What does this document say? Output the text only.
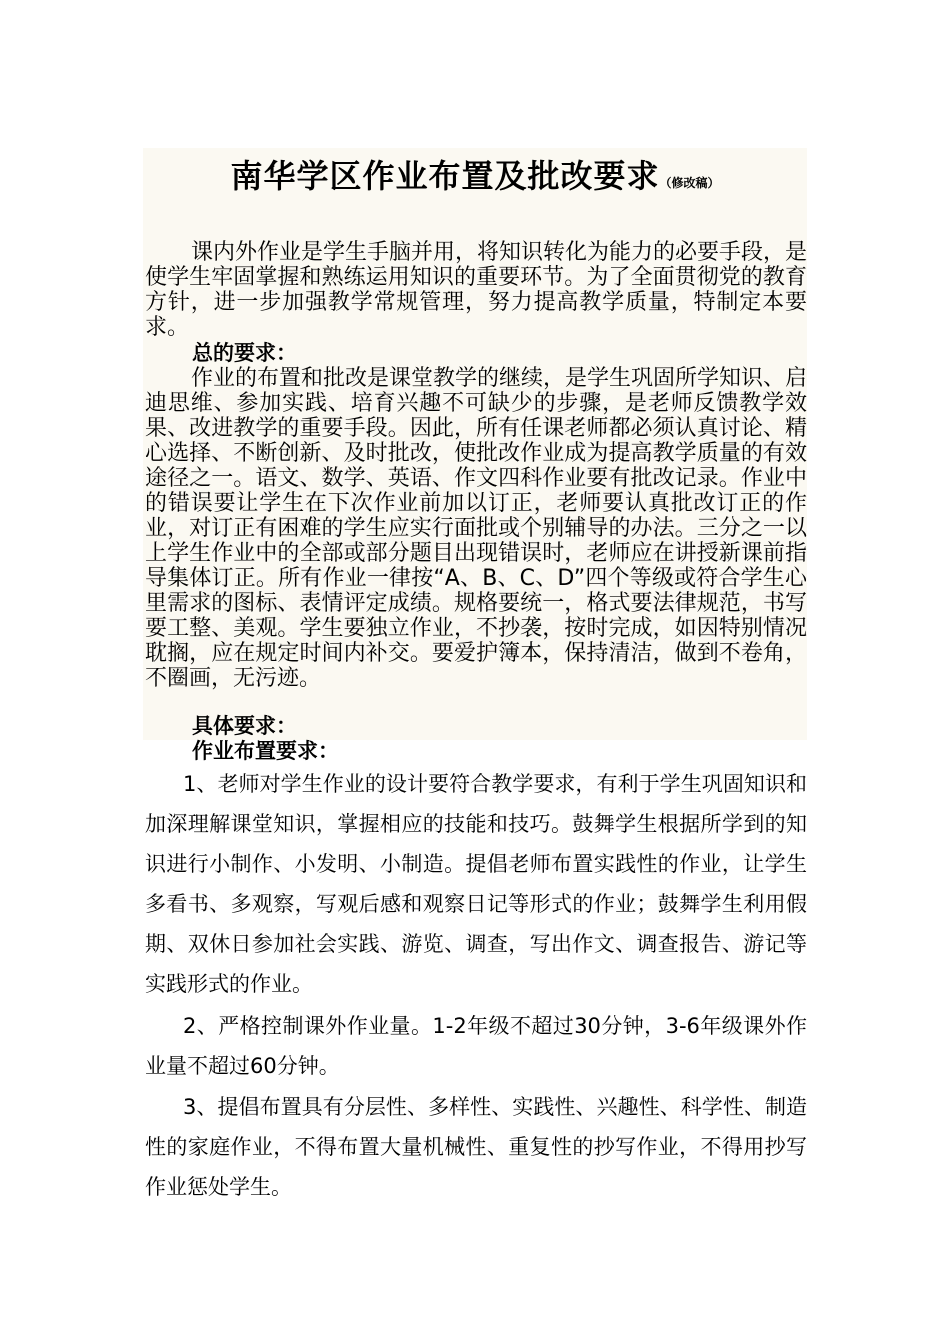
南华学区作业布置及批改要求（修改稿）

课内外作业是学生手脑并用，将知识转化为能力的必要手段，是使学生牢固掌握和熟练运用知识的重要环节。为了全面贯彻党的教育方针，进一步加强教学常规管理，努力提高教学质量，特制定本要求。

总的要求：

作业的布置和批改是课堂教学的继续，是学生巩固所学知识、启迪思维、参加实践、培育兴趣不可缺少的步骤，是老师反馈教学效果、改进教学的重要手段。因此，所有任课老师都必须认真讨论、精心选择、不断创新、及时批改，使批改作业成为提高教学质量的有效途径之一。语文、数学、英语、作文四科作业要有批改记录。作业中的错误要让学生在下次作业前加以订正，老师要认真批改订正的作业，对订正有困难的学生应实行面批或个别辅导的办法。三分之一以上学生作业中的全部或部分题目出现错误时，老师应在讲授新课前指导集体订正。所有作业一律按“A、B、C、D”四个等级或符合学生心里需求的图标、表情评定成绩。规格要统一，格式要法律规范，书写要工整、美观。学生要独立作业，不抄袭，按时完成，如因特别情况耽搁，应在规定时间内补交。要爱护簿本，保持清洁，做到不卷角，不圈画，无污迹。

具体要求：
作业布置要求：

1、老师对学生作业的设计要符合教学要求，有利于学生巩固知识和加深理解课堂知识，掌握相应的技能和技巧。鼓舞学生根据所学到的知识进行小制作、小发明、小制造。提倡老师布置实践性的作业，让学生多看书、多观察，写观后感和观察日记等形式的作业；鼓舞学生利用假期、双休日参加社会实践、游览、调查，写出作文、调查报告、游记等实践形式的作业。

2、严格控制课外作业量。1-2年级不超过30分钟，3-6年级课外作业量不超过60分钟。

3、提倡布置具有分层性、多样性、实践性、兴趣性、科学性、制造性的家庭作业，不得布置大量机械性、重复性的抄写作业，不得用抄写作业惩处学生。
